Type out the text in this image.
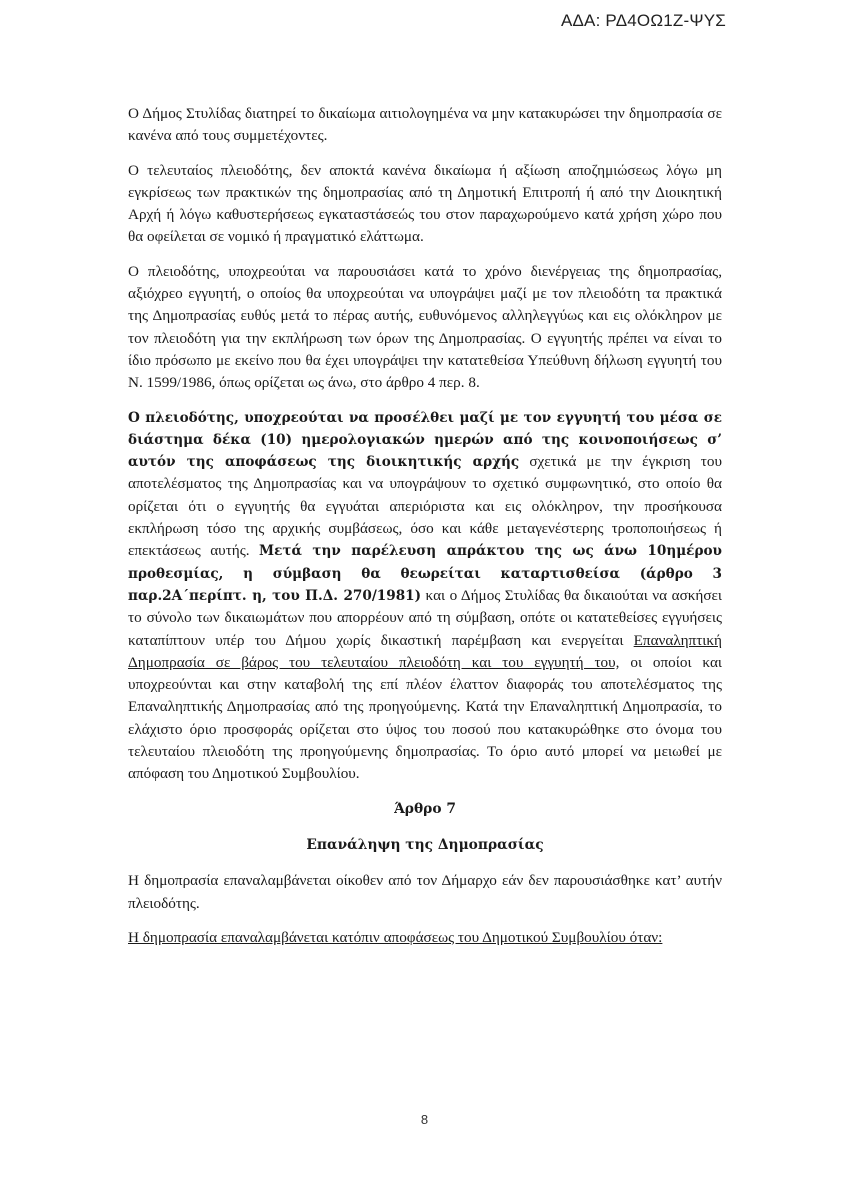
ΑΔΑ: ΡΔ4ΟΩ1Ζ-ΨΥΣ

Ο Δήμος Στυλίδας διατηρεί το δικαίωμα αιτιολογημένα να μην κατακυρώσει την δημοπρασία σε κανένα από τους συμμετέχοντες.

Ο τελευταίος πλειοδότης, δεν αποκτά κανένα δικαίωμα ή αξίωση αποζημιώσεως λόγω μη εγκρίσεως των πρακτικών της δημοπρασίας από τη Δημοτική Επιτροπή ή από την Διοικητική Αρχή ή λόγω καθυστερήσεως εγκαταστάσεώς του στον παραχωρούμενο κατά χρήση χώρο που θα οφείλεται σε νομικό ή πραγματικό ελάττωμα.

Ο πλειοδότης, υποχρεούται να παρουσιάσει κατά το χρόνο διενέργειας της δημοπρασίας, αξιόχρεο εγγυητή, ο οποίος θα υποχρεούται να υπογράψει μαζί με τον πλειοδότη τα πρακτικά της Δημοπρασίας ευθύς μετά το πέρας αυτής, ευθυνόμενος αλληλεγγύως και εις ολόκληρον με τον πλειοδότη για την εκπλήρωση των όρων της Δημοπρασίας. Ο εγγυητής πρέπει να είναι το ίδιο πρόσωπο με εκείνο που θα έχει υπογράψει την κατατεθείσα Υπεύθυνη δήλωση εγγυητή του Ν. 1599/1986, όπως ορίζεται ως άνω, στο άρθρο 4 περ. 8.

Ο πλειοδότης, υποχρεούται να προσέλθει μαζί με τον εγγυητή του μέσα σε διάστημα δέκα (10) ημερολογιακών ημερών από της κοινοποιήσεως σ’ αυτόν της αποφάσεως της διοικητικής αρχής σχετικά με την έγκριση του αποτελέσματος της Δημοπρασίας και να υπογράψουν το σχετικό συμφωνητικό, στο οποίο θα ορίζεται ότι ο εγγυητής θα εγγυάται απεριόριστα και εις ολόκληρον, την προσήκουσα εκπλήρωση τόσο της αρχικής συμβάσεως, όσο και κάθε μεταγενέστερης τροποποιήσεως ή επεκτάσεως αυτής. Μετά την παρέλευση απράκτου της ως άνω 10ημέρου προθεσμίας, η σύμβαση θα θεωρείται καταρτισθείσα (άρθρο 3 παρ.2Α΄περίπτ. η, του Π.Δ. 270/1981) και ο Δήμος Στυλίδας θα δικαιούται να ασκήσει το σύνολο των δικαιωμάτων που απορρέουν από τη σύμβαση, οπότε οι κατατεθείσες εγγυήσεις καταπίπτουν υπέρ του Δήμου χωρίς δικαστική παρέμβαση και ενεργείται Επαναληπτική Δημοπρασία σε βάρος του τελευταίου πλειοδότη και του εγγυητή του, οι οποίοι και υποχρεούνται και στην καταβολή της επί πλέον έλαττον διαφοράς του αποτελέσματος της Επαναληπτικής Δημοπρασίας από της προηγούμενης. Κατά την Επαναληπτική Δημοπρασία, το ελάχιστο όριο προσφοράς ορίζεται στο ύψος του ποσού που κατακυρώθηκε στο όνομα του τελευταίου πλειοδότη της προηγούμενης δημοπρασίας. Το όριο αυτό μπορεί να μειωθεί με απόφαση του Δημοτικού Συμβουλίου.

Άρθρο 7

Επανάληψη της Δημοπρασίας

Η δημοπρασία επαναλαμβάνεται οίκοθεν από τον Δήμαρχο εάν δεν παρουσιάσθηκε κατ’ αυτήν πλειοδότης.

Η δημοπρασία επαναλαμβάνεται κατόπιν αποφάσεως του Δημοτικού Συμβουλίου όταν:

8
